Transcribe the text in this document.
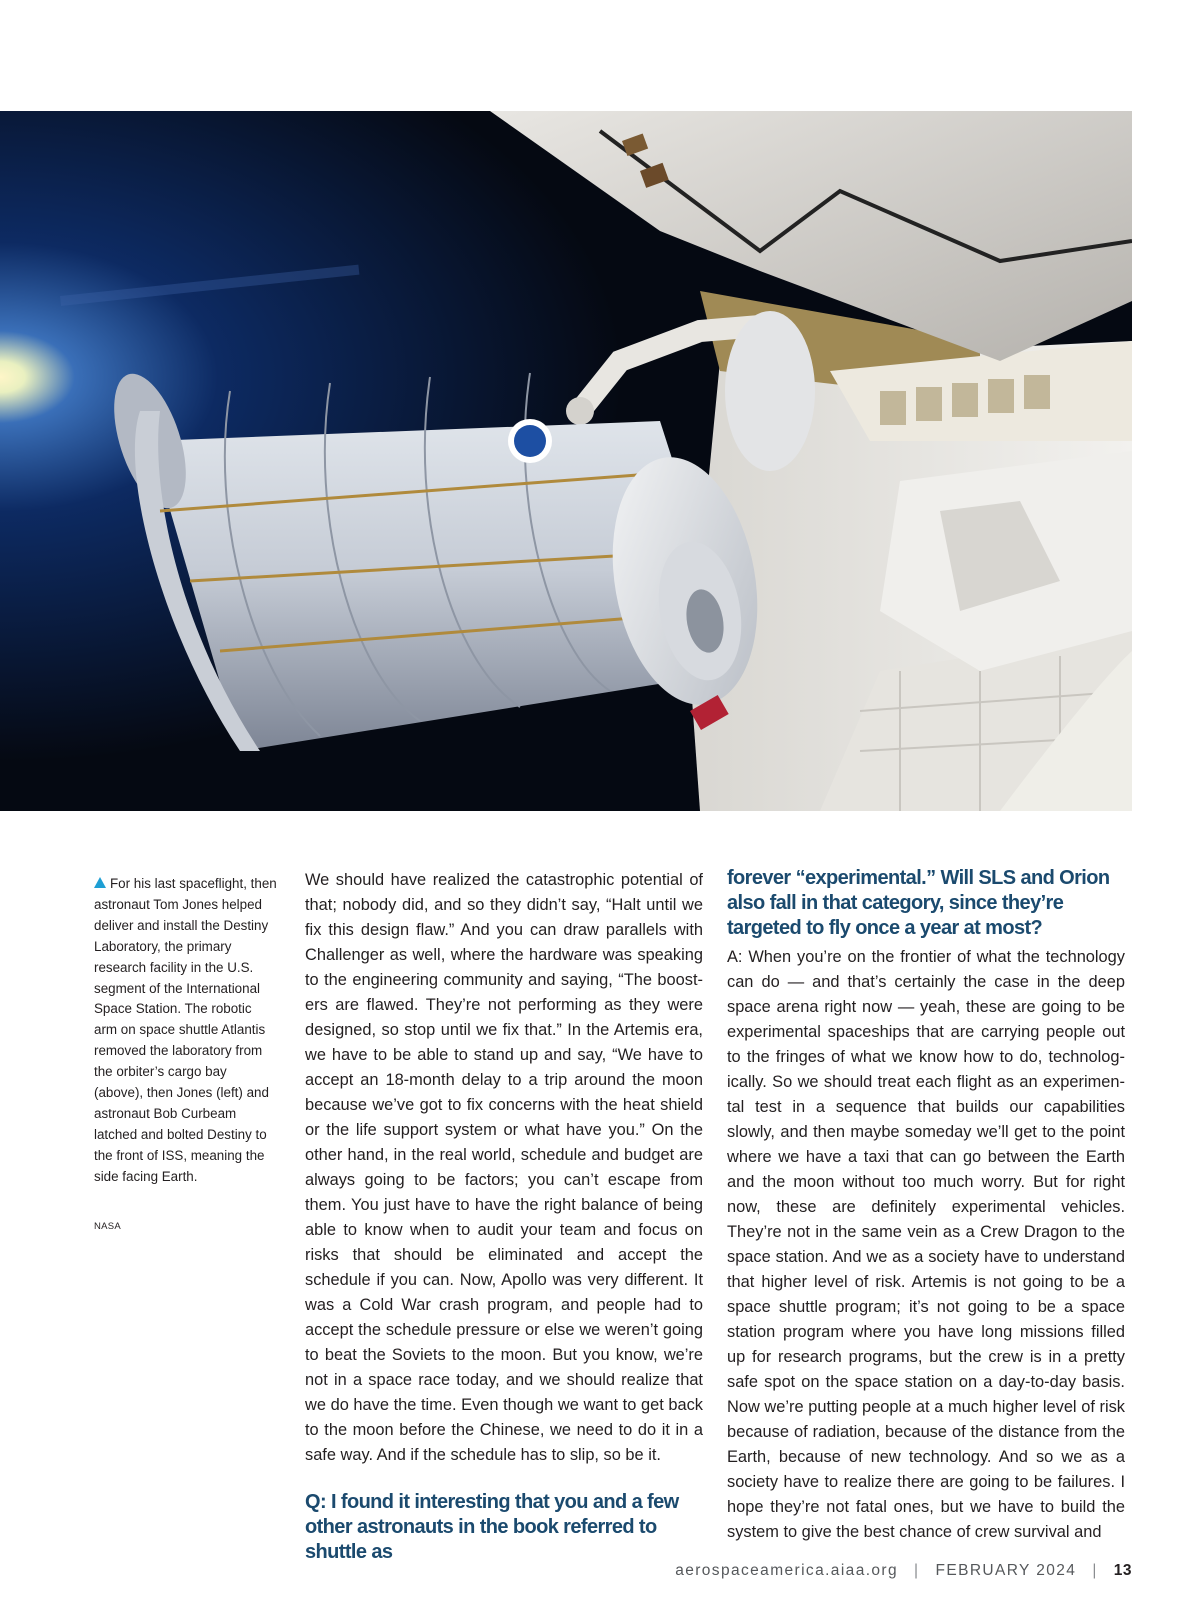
For his last spaceflight, then astronaut Tom Jones helped deliver and install the Destiny Laboratory, the primary research facility in the U.S. segment of the International Space Station. The robotic arm on space shuttle Atlantis removed the laboratory from the orbiter’s cargo bay (above), then Jones (left) and astronaut Bob Curbeam latched and bolted Destiny to the front of ISS, meaning the side facing Earth.
NASA

We should have realized the catastrophic potential of that; nobody did, and so they didn’t say, “Halt until we fix this design flaw.” And you can draw parallels with Challenger as well, where the hardware was speaking to the engineering community and saying, “The boosters are flawed. They’re not performing as they were designed, so stop until we fix that.” In the Artemis era, we have to be able to stand up and say, “We have to accept an 18-month delay to a trip around the moon because we’ve got to fix concerns with the heat shield or the life support system or what have you.” On the other hand, in the real world, schedule and budget are always going to be factors; you can’t escape from them. You just have to have the right balance of being able to know when to audit your team and focus on risks that should be eliminated and accept the schedule if you can. Now, Apollo was very different. It was a Cold War crash program, and people had to accept the schedule pressure or else we weren’t going to beat the Soviets to the moon. But you know, we’re not in a space race today, and we should realize that we do have the time. Even though we want to get back to the moon before the Chinese, we need to do it in a safe way. And if the schedule has to slip, so be it.

Q: I found it interesting that you and a few other astronauts in the book referred to shuttle as

forever “experimental.” Will SLS and Orion also fall in that category, since they’re targeted to fly once a year at most?

A: When you’re on the frontier of what the technology can do — and that’s certainly the case in the deep space arena right now — yeah, these are going to be experimental spaceships that are carrying people out to the fringes of what we know how to do, technologically. So we should treat each flight as an experimental test in a sequence that builds our capabilities slowly, and then maybe someday we’ll get to the point where we have a taxi that can go between the Earth and the moon without too much worry. But for right now, these are definitely experimental vehicles. They’re not in the same vein as a Crew Dragon to the space station. And we as a society have to understand that higher level of risk. Artemis is not going to be a space shuttle program; it’s not going to be a space station program where you have long missions filled up for research programs, but the crew is in a pretty safe spot on the space station on a day-to-day basis. Now we’re putting people at a much higher level of risk because of radiation, because of the distance from the Earth, because of new technology. And so we as a society have to realize there are going to be failures. I hope they’re not fatal ones, but we have to build the system to give the best chance of crew survival and

aerospaceamerica.aiaa.org | FEBRUARY 2024 | 13
